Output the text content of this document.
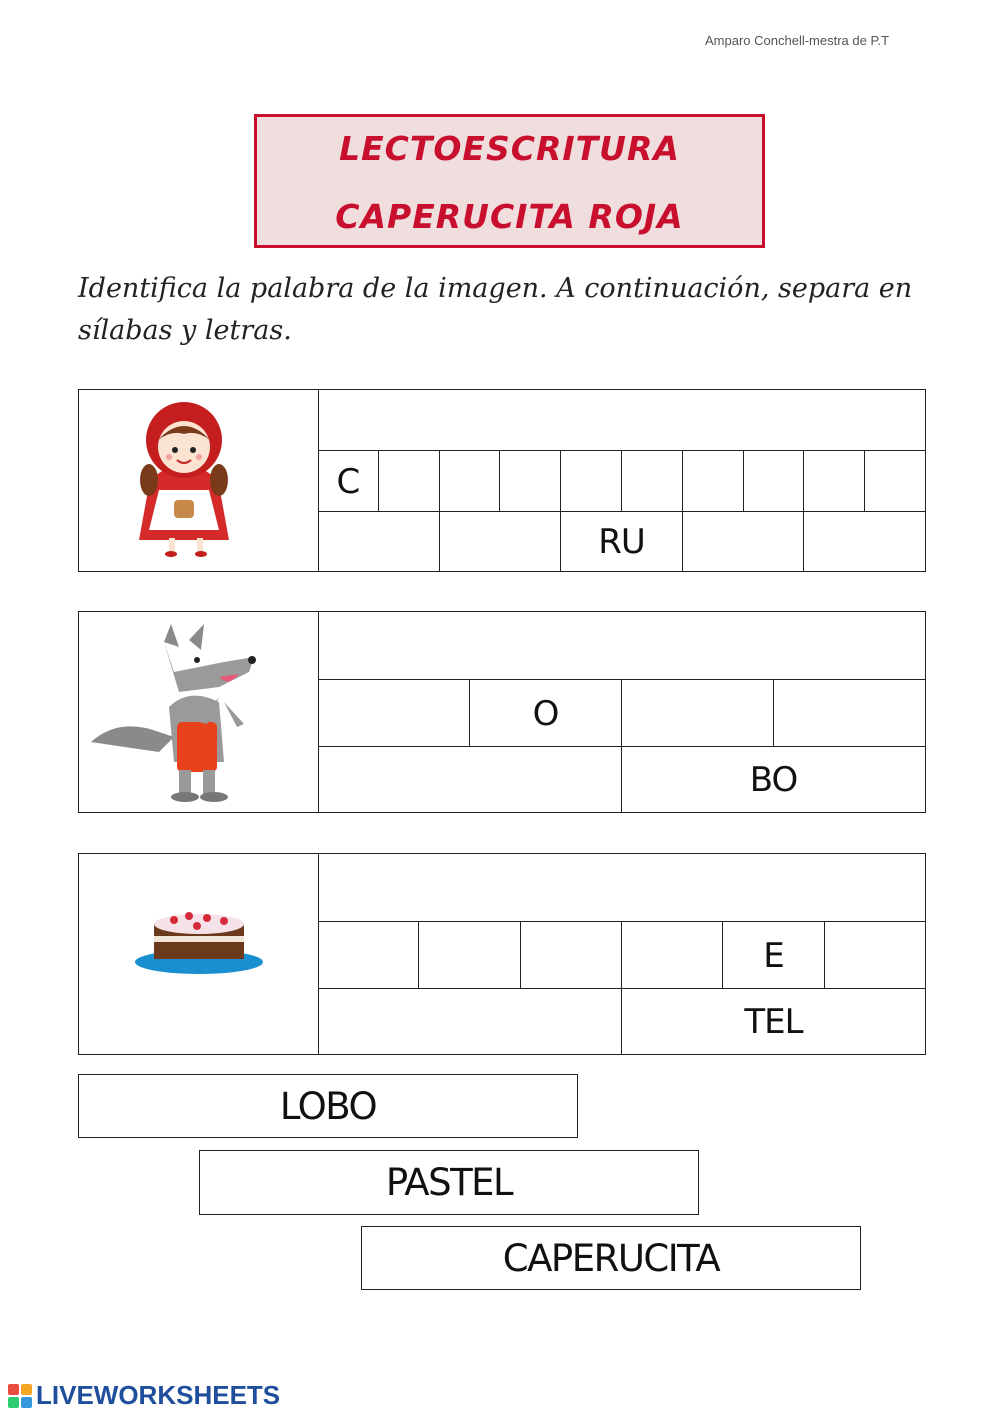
Amparo Conchell-mestra de P.T
LECTOESCRITURA
CAPERUCITA ROJA
Identifica la palabra de la imagen. A continuación, separa en sílabas y letras.
C
RU
O
BO
E
TEL
LOBO
PASTEL
CAPERUCITA
LIVEWORKSHEETS
